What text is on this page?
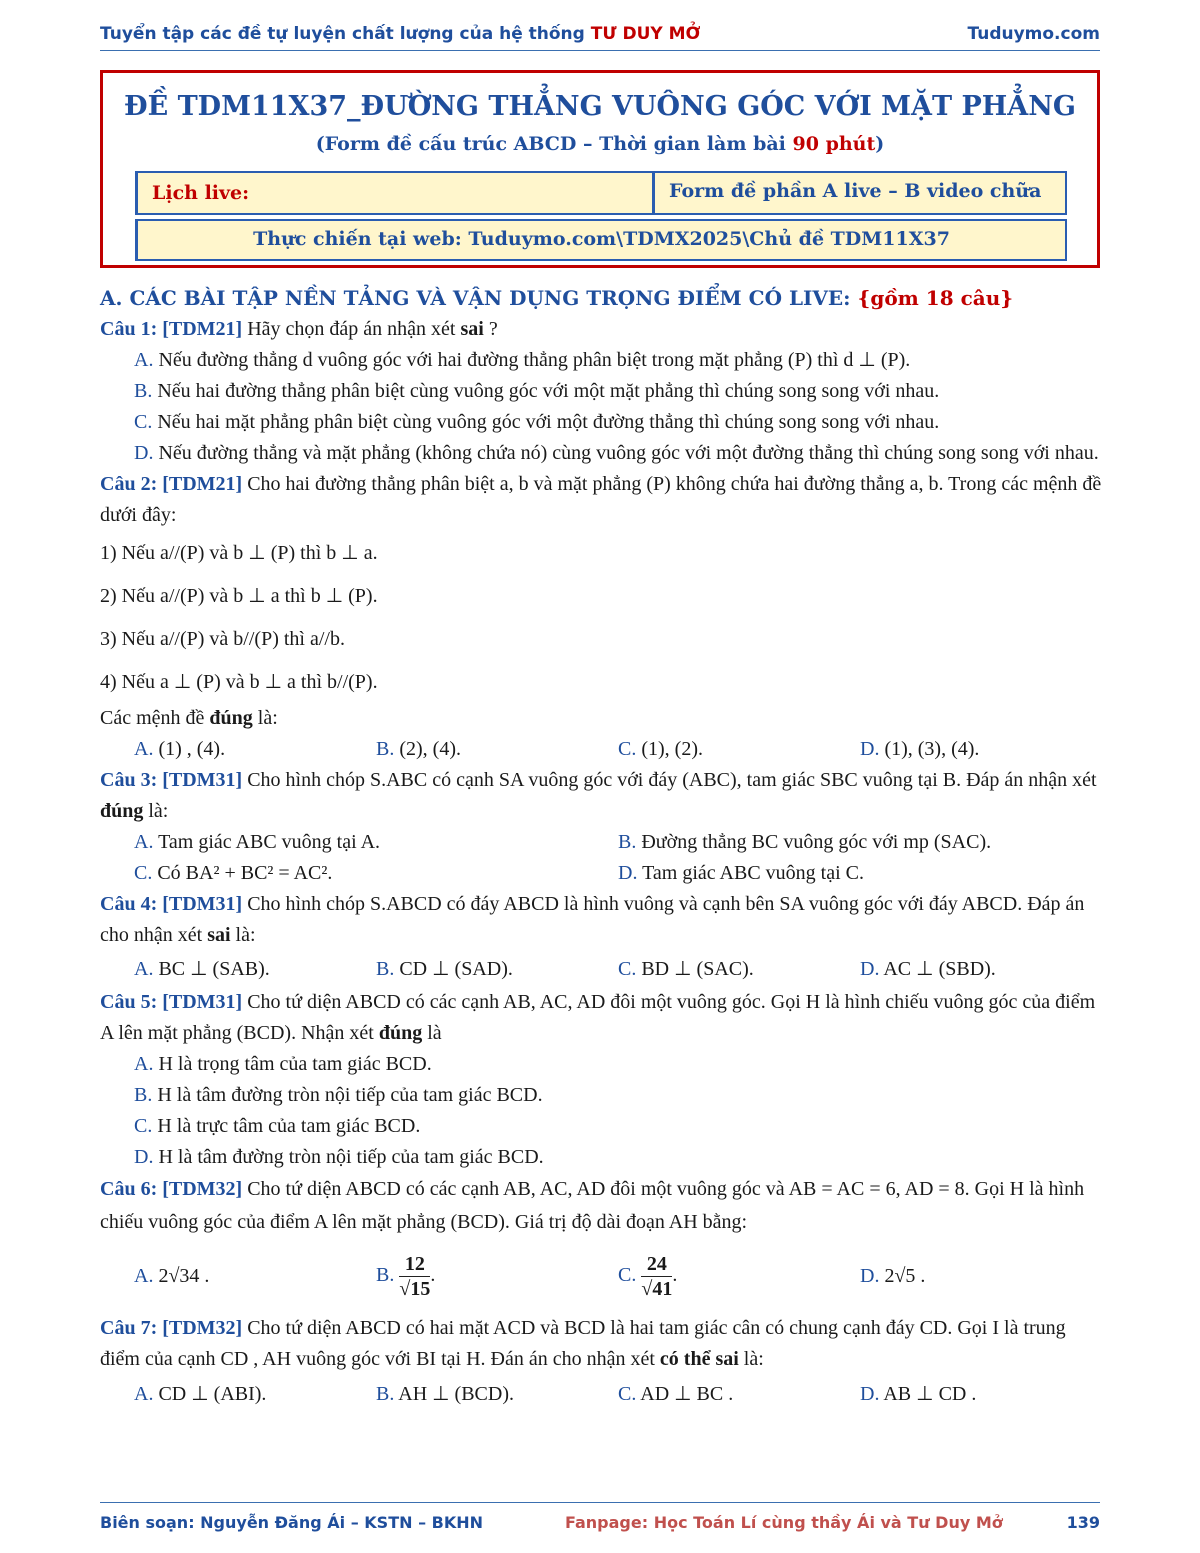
Tuyển tập các đề tự luyện chất lượng của hệ thống TƯ DUY MỞ	Tuduymo.com
ĐỀ TDM11X37_ĐƯỜNG THẲNG VUÔNG GÓC VỚI MẶT PHẲNG
(Form đề cấu trúc ABCD – Thời gian làm bài 90 phút)
Lịch live:	Form đề phần A live – B video chữa
Thực chiến tại web: Tuduymo.com\TDMX2025\Chủ đề TDM11X37
A. CÁC BÀI TẬP NỀN TẢNG VÀ VẬN DỤNG TRỌNG ĐIỂM CÓ LIVE: {gồm 18 câu}
Câu 1: [TDM21] Hãy chọn đáp án nhận xét sai ?
A. Nếu đường thẳng d vuông góc với hai đường thẳng phân biệt trong mặt phẳng (P) thì d ⊥ (P).
B. Nếu hai đường thẳng phân biệt cùng vuông góc với một mặt phẳng thì chúng song song với nhau.
C. Nếu hai mặt phẳng phân biệt cùng vuông góc với một đường thẳng thì chúng song song với nhau.
D. Nếu đường thẳng và mặt phẳng (không chứa nó) cùng vuông góc với một đường thẳng thì chúng song song với nhau.
Câu 2: [TDM21] Cho hai đường thẳng phân biệt a, b và mặt phẳng (P) không chứa hai đường thẳng a, b. Trong các mệnh đề dưới đây:
1) Nếu a//(P) và b ⊥ (P) thì b ⊥ a.
2) Nếu a//(P) và b ⊥ a thì b ⊥ (P).
3) Nếu a//(P) và b//(P) thì a//b.
4) Nếu a ⊥ (P) và b ⊥ a thì b//(P).
Các mệnh đề đúng là:
A. (1) , (4).	B. (2), (4).	C. (1), (2).	D. (1), (3), (4).
Câu 3: [TDM31] Cho hình chóp S.ABC có cạnh SA vuông góc với đáy (ABC), tam giác SBC vuông tại B. Đáp án nhận xét đúng là:
A. Tam giác ABC vuông tại A.	B. Đường thẳng BC vuông góc với mp (SAC).
C. Có BA² + BC² = AC².	D. Tam giác ABC vuông tại C.
Câu 4: [TDM31] Cho hình chóp S.ABCD có đáy ABCD là hình vuông và cạnh bên SA vuông góc với đáy ABCD. Đáp án cho nhận xét sai là:
A. BC ⊥ (SAB).	B. CD ⊥ (SAD).	C. BD ⊥ (SAC).	D. AC ⊥ (SBD).
Câu 5: [TDM31] Cho tứ diện ABCD có các cạnh AB, AC, AD đôi một vuông góc. Gọi H là hình chiếu vuông góc của điểm A lên mặt phẳng (BCD). Nhận xét đúng là
A. H là trọng tâm của tam giác BCD.
B. H là tâm đường tròn nội tiếp của tam giác BCD.
C. H là trực tâm của tam giác BCD.
D. H là tâm đường tròn nội tiếp của tam giác BCD.
Câu 6: [TDM32] Cho tứ diện ABCD có các cạnh AB, AC, AD đôi một vuông góc và AB = AC = 6, AD = 8. Gọi H là hình chiếu vuông góc của điểm A lên mặt phẳng (BCD). Giá trị độ dài đoạn AH bằng:
A. 2√34 .	B. $\frac{12}{√15}$ .	C. $\frac{24}{√41}$ .	D. 2√5 .
Câu 7: [TDM32] Cho tứ diện ABCD có hai mặt ACD và BCD là hai tam giác cân có chung cạnh đáy CD. Gọi I là trung điểm của cạnh CD , AH vuông góc với BI tại H. Đán án cho nhận xét có thể sai là:
A. CD ⊥ (ABI).	B. AH ⊥ (BCD).	C. AD ⊥ BC .	D. AB ⊥ CD .
Biên soạn: Nguyễn Đăng Ái – KSTN – BKHN	Fanpage: Học Toán Lí cùng thầy Ái và Tư Duy Mở	139
